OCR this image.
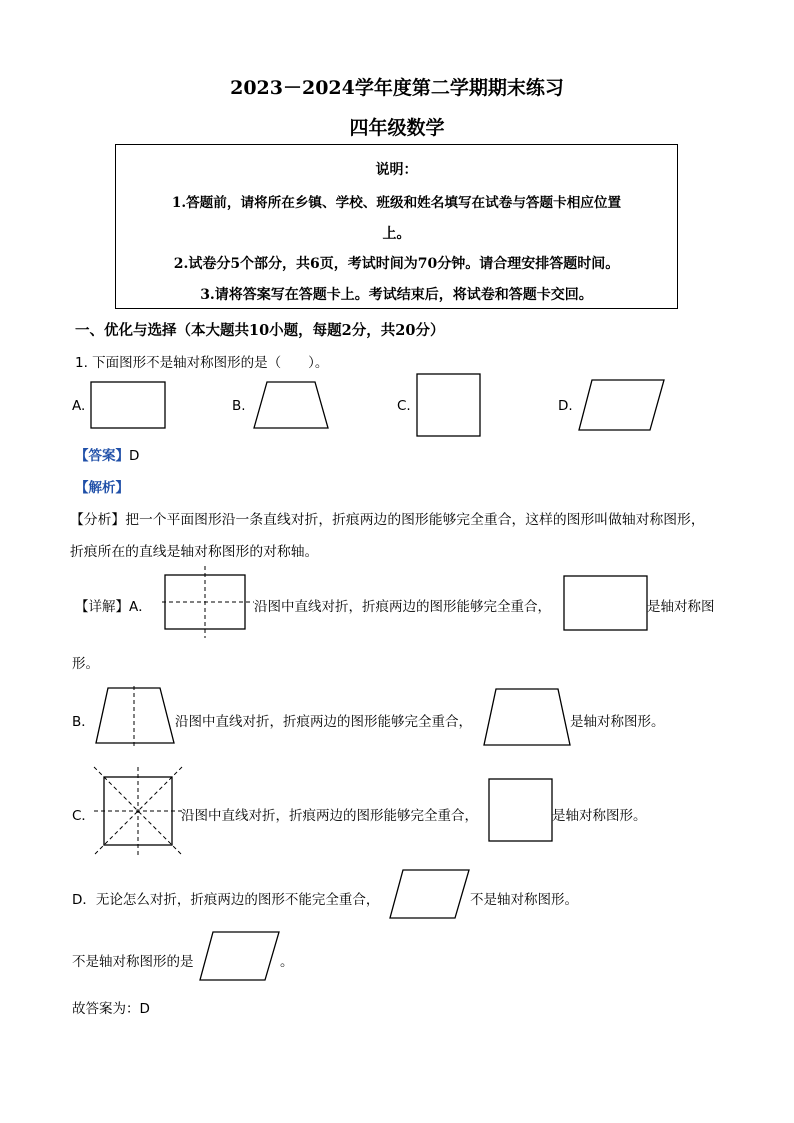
2023－2024学年度第二学期期末练习
四年级数学
说明：
1.答题前，请将所在乡镇、学校、班级和姓名填写在试卷与答题卡相应位置
上。
2.试卷分5个部分，共6页，考试时间为70分钟。请合理安排答题时间。
3.请将答案写在答题卡上。考试结束后，将试卷和答题卡交回。
一、优化与选择（本大题共10小题，每题2分，共20分）
1. 下面图形不是轴对称图形的是（　　）。
A.	B.	C.	D.
【答案】D
【解析】
【分析】把一个平面图形沿一条直线对折，折痕两边的图形能够完全重合，这样的图形叫做轴对称图形，
折痕所在的直线是轴对称图形的对称轴。
【详解】A．	沿图中直线对折，折痕两边的图形能够完全重合，	是轴对称图
形。
B．	沿图中直线对折，折痕两边的图形能够完全重合，	是轴对称图形。
C．	沿图中直线对折，折痕两边的图形能够完全重合，	是轴对称图形。
D．无论怎么对折，折痕两边的图形不能完全重合，	不是轴对称图形。
不是轴对称图形的是	。
故答案为：D
